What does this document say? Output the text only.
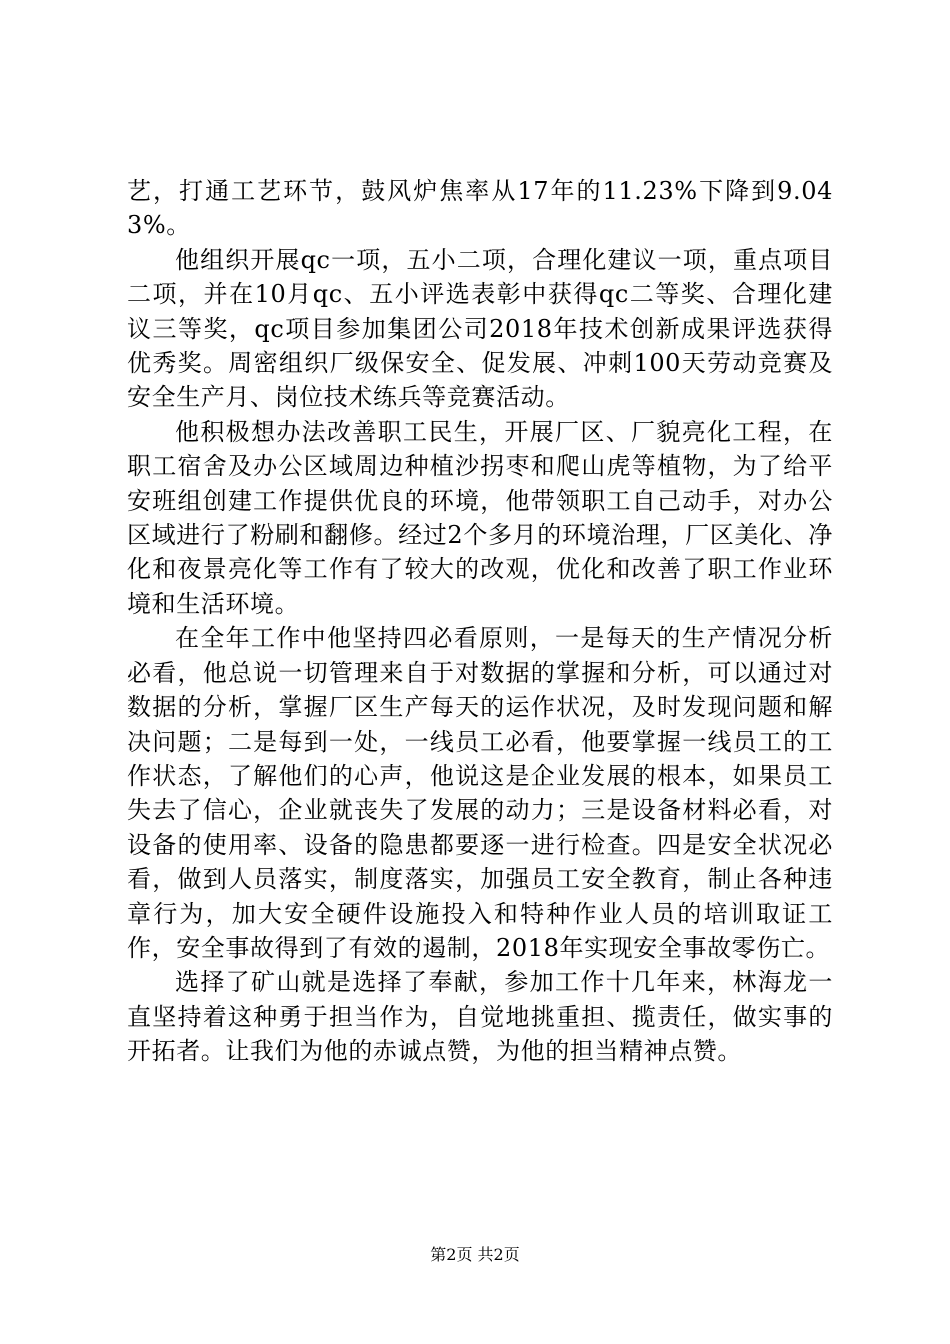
艺，打通工艺环节，鼓风炉焦率从17年的11.23%下降到9.043%。

他组织开展qc一项，五小二项，合理化建议一项，重点项目二项，并在10月qc、五小评选表彰中获得qc二等奖、合理化建议三等奖，qc项目参加集团公司2018年技术创新成果评选获得优秀奖。周密组织厂级保安全、促发展、冲刺100天劳动竞赛及安全生产月、岗位技术练兵等竞赛活动。

他积极想办法改善职工民生，开展厂区、厂貌亮化工程，在职工宿舍及办公区域周边种植沙拐枣和爬山虎等植物，为了给平安班组创建工作提供优良的环境，他带领职工自己动手，对办公区域进行了粉刷和翻修。经过2个多月的环境治理，厂区美化、净化和夜景亮化等工作有了较大的改观，优化和改善了职工作业环境和生活环境。

在全年工作中他坚持四必看原则，一是每天的生产情况分析必看，他总说一切管理来自于对数据的掌握和分析，可以通过对数据的分析，掌握厂区生产每天的运作状况，及时发现问题和解决问题；二是每到一处，一线员工必看，他要掌握一线员工的工作状态，了解他们的心声，他说这是企业发展的根本，如果员工失去了信心，企业就丧失了发展的动力；三是设备材料必看，对设备的使用率、设备的隐患都要逐一进行检查。四是安全状况必看，做到人员落实，制度落实，加强员工安全教育，制止各种违章行为，加大安全硬件设施投入和特种作业人员的培训取证工作，安全事故得到了有效的遏制，2018年实现安全事故零伤亡。

选择了矿山就是选择了奉献，参加工作十几年来，林海龙一直坚持着这种勇于担当作为，自觉地挑重担、揽责任，做实事的开拓者。让我们为他的赤诚点赞，为他的担当精神点赞。

第2页 共2页
